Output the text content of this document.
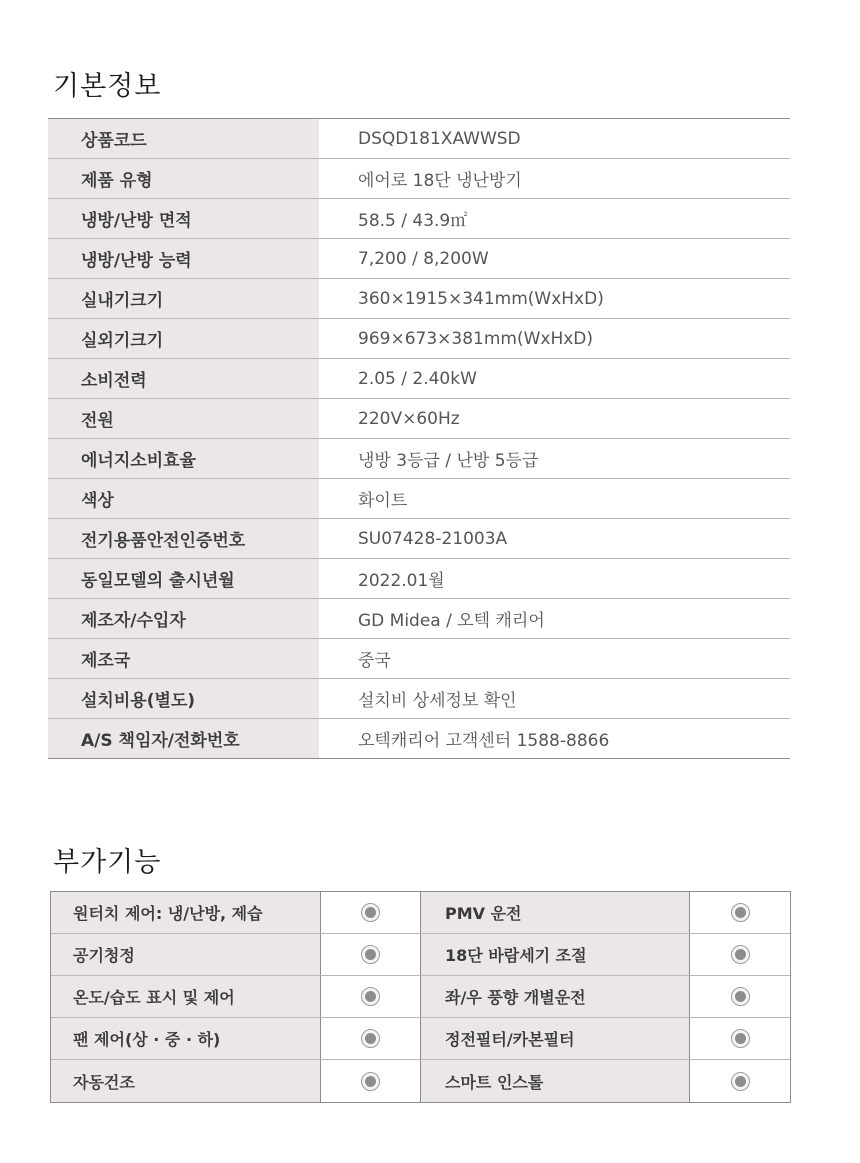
기본정보
상품코드	DSQD181XAWWSD
제품 유형	에어로 18단 냉난방기
냉방/난방 면적	58.5 / 43.9㎡
냉방/난방 능력	7,200 / 8,200W
실내기크기	360×1915×341mm(WxHxD)
실외기크기	969×673×381mm(WxHxD)
소비전력	2.05 / 2.40kW
전원	220V×60Hz
에너지소비효율	냉방 3등급 / 난방 5등급
색상	화이트
전기용품안전인증번호	SU07428-21003A
동일모델의 출시년월	2022.01월
제조자/수입자	GD Midea / 오텍 캐리어
제조국	중국
설치비용(별도)	설치비 상세정보 확인
A/S 책임자/전화번호	오텍캐리어 고객센터 1588-8866
부가기능
원터치 제어: 냉/난방, 제습	PMV 운전
공기청정	18단 바람세기 조절
온도/습도 표시 및 제어	좌/우 풍향 개별운전
팬 제어(상 · 중 · 하)	정전필터/카본필터
자동건조	스마트 인스톨
